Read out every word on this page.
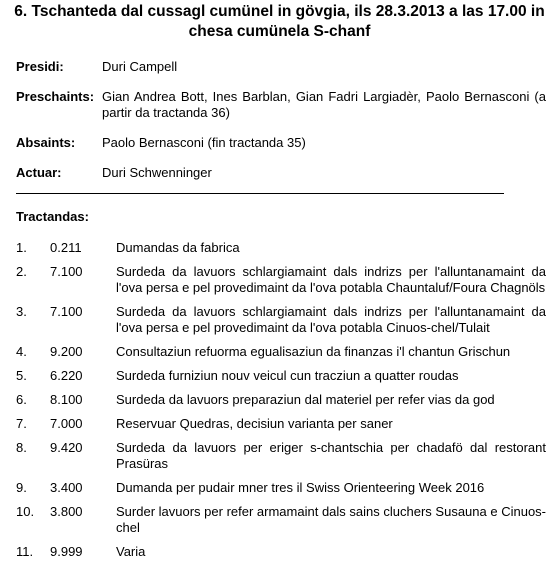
6. Tschanteda dal cussagl cumünel in gövgia, ils 28.3.2013 a las 17.00 in chesa cumünela S-chanf
Presidi:	Duri Campell
Preschaints: Gian Andrea Bott, Ines Barblan, Gian Fadri Largiadèr, Paolo Bernasconi (a partir da tractanda 36)
Absaints: Paolo Bernasconi (fin tractanda 35)
Actuar:	Duri Schwenninger
Tractandas:
1. 0.211	Dumandas da fabrica
2. 7.100	Surdeda da lavuors schlargiamaint dals indrizs per l'alluntanamaint da l'ova persa e pel provedimaint da l'ova potabla Chauntaluf/Foura Chagnöls
3. 7.100	Surdeda da lavuors schlargiamaint dals indrizs per l'alluntanamaint da l'ova persa e pel provedimaint da l'ova potabla Cinuos-chel/Tulait
4. 9.200	Consultaziun refuorma egualisaziun da finanzas i'l chantun Grischun
5. 6.220	Surdeda furniziun nouv veicul cun tracziun a quatter roudas
6. 8.100	Surdeda da lavuors preparaziun dal materiel per refer vias da god
7. 7.000	Reservuar Quedras, decisiun varianta per saner
8. 9.420	Surdeda da lavuors per eriger s-chantschia per chadafö dal restorant Prasüras
9. 3.400	Dumanda per pudair mner tres il Swiss Orienteering Week 2016
10. 3.800	Surder lavuors per refer armamaint dals sains cluchers Susauna e Cinuos-chel
11. 9.999	Varia
